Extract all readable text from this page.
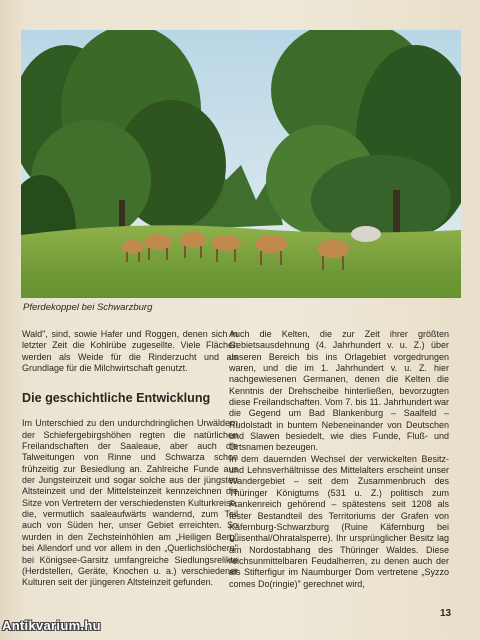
Pferdekoppel bei Schwarzburg

Wald", sind, sowie Hafer und Roggen, denen sich in letzter Zeit die Kohlrübe zugesellte. Viele Flächen werden als Weide für die Rinderzucht und als Grundlage für die Milchwirtschaft genutzt.

Die geschichtliche Entwicklung

Im Unterschied zu den undurchdringlichen Urwäldern der Schiefergebirgshöhen regten die natürlichen Freilandschaften der Saaleaue, aber auch die Talweitungen von Rinne und Schwarza schon frühzeitig zur Besiedlung an. Zahlreiche Funde aus der Jungsteinzeit und sogar solche aus der jüngsten Altsteinzeit und der Mittelsteinzeit kennzeichnen die Sitze von Vertretern der verschiedensten Kulturkreise, die, vermutlich saaleaufwärts wandernd, zum Teil auch von Süden her, unser Gebiet erreichten. So wurden in den Zechsteinhöhlen am „Heiligen Berg" bei Allendorf und vor allem in den „Querlichslöchern" bei Königsee-Garsitz umfangreiche Siedlungsrelikte (Herdstellen, Geräte, Knochen u. a.) verschiedener Kulturen seit der jüngeren Altsteinzeit gefunden.

Auch die Kelten, die zur Zeit ihrer größten Gebietsausdehnung (4. Jahrhundert v. u. Z.) über unseren Bereich bis ins Orlagebiet vorgedrungen waren, und die im 1. Jahrhundert v. u. Z. hier nachgewiesenen Germanen, denen die Kelten die Kenntnis der Drehscheibe hinterließen, bevorzugten diese Freilandschaften. Vom 7. bis 11. Jahrhundert war die Gegend um Bad Blankenburg – Saalfeld – Rudolstadt in buntem Nebeneinander von Deutschen und Slawen besiedelt, wie dies Funde, Fluß- und Ortsnamen bezeugen.

In dem dauernden Wechsel der verwickelten Besitz- und Lehnsverhältnisse des Mittelalters erscheint unser Wandergebiet – seit dem Zusammenbruch des Thüringer Königtums (531 u. Z.) politisch zum Frankenreich gehörend – spätestens seit 1208 als fester Bestandteil des Territoriums der Grafen von Käfernburg-Schwarzburg (Ruine Käfernburg bei Luisenthal/Ohratalsperre). Ihr ursprünglicher Besitz lag am Nordostabhang des Thüringer Waldes. Diese reichsunmittelbaren Feudalherren, zu denen auch der als Stifterfigur im Naumburger Dom vertretene „Syzzo comes Do(ringie)" gerechnet wird,

13
Antikvarium.hu
